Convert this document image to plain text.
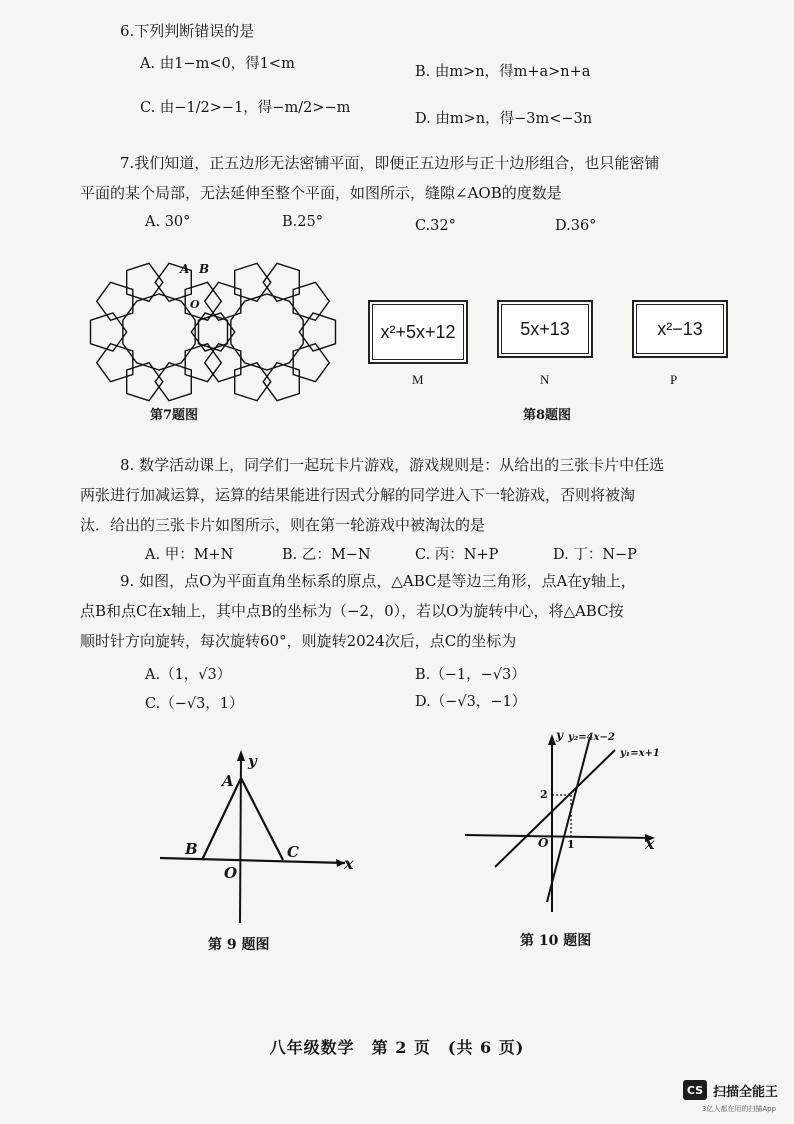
6.下列判断错误的是
A. 由1−m<0，得1<m	B. 由m>n，得m+a>n+a
C. 由−1/2>−1，得−m/2>−m
D. 由m>n，得−3m<−3n
7.我们知道，正五边形无法密铺平面，即便正五边形与正十边形组合，也只能密铺
平面的某个局部，无法延伸至整个平面，如图所示，缝隙∠AOB的度数是
A. 30°	B.25°	C.32°	D.36°
A B
O
第7题图
x²+5x+12	5x+13	x²−13
M	N	P
第8题图
8. 数学活动课上，同学们一起玩卡片游戏，游戏规则是：从给出的三张卡片中任选
两张进行加减运算，运算的结果能进行因式分解的同学进入下一轮游戏，否则将被淘
汰．给出的三张卡片如图所示，则在第一轮游戏中被淘汰的是
A. 甲：M+N	B. 乙：M−N	C. 丙：N+P	D. 丁：N−P
9. 如图，点O为平面直角坐标系的原点，△ABC是等边三角形，点A在y轴上，
点B和点C在x轴上，其中点B的坐标为（−2，0），若以O为旋转中心，将△ABC按
顺时针方向旋转，每次旋转60°，则旋转2024次后，点C的坐标为
A.（1，√3）	B.（−1，−√3）
C.（−√3，1）	D.（−√3，−1）
A
B	C
O	x
y
第 9 题图
y₂=4x−2
y₁=x+1
2
1
O	x
y
第 10 题图
八年级数学　第 2 页　(共 6 页)
CS 扫描全能王
3亿人都在用的扫描App
